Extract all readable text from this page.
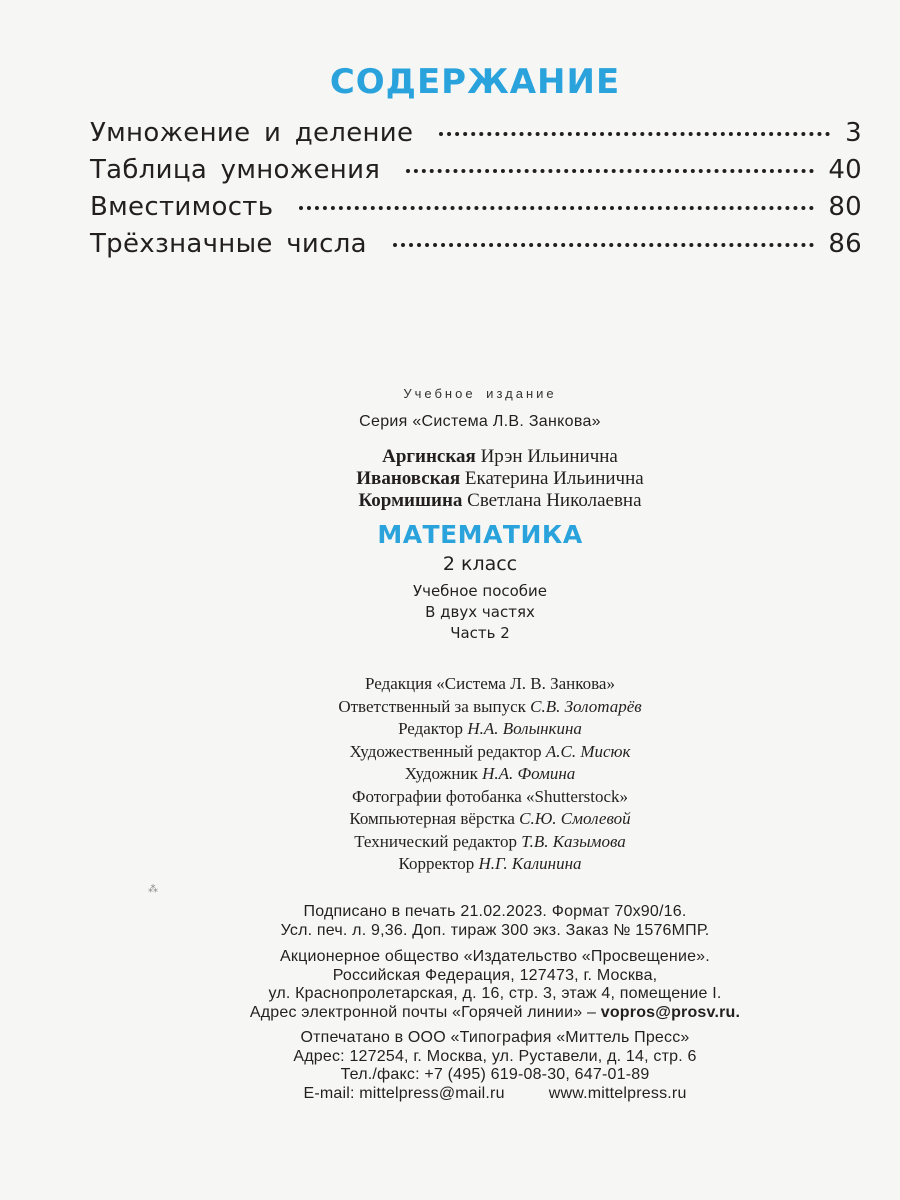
СОДЕРЖАНИЕ
Умножение и деление	3
Таблица умножения	40
Вместимость	80
Трёхзначные числа	86
Учебное издание
Серия «Система Л.В. Занкова»
Аргинская Ирэн Ильинична
Ивановская Екатерина Ильинична
Кормишина Светлана Николаевна
МАТЕМАТИКА
2 класс
Учебное пособие
В двух частях
Часть 2
Редакция «Система Л. В. Занкова»
Ответственный за выпуск С.В. Золотарёв
Редактор Н.А. Волынкина
Художественный редактор А.С. Мисюк
Художник Н.А. Фомина
Фотографии фотобанка «Shutterstock»
Компьютерная вёрстка С.Ю. Смолевой
Технический редактор Т.В. Казымова
Корректор Н.Г. Калинина
⁂
Подписано в печать 21.02.2023. Формат 70x90/16.
Усл. печ. л. 9,36. Доп. тираж 300 экз. Заказ № 1576МПР.
Акционерное общество «Издательство «Просвещение».
Российская Федерация, 127473, г. Москва,
ул. Краснопролетарская, д. 16, стр. 3, этаж 4, помещение I.
Адрес электронной почты «Горячей линии» – vopros@prosv.ru.
Отпечатано в ООО «Типография «Миттель Пресс»
Адрес: 127254, г. Москва, ул. Руставели, д. 14, стр. 6
Тел./факс: +7 (495) 619-08-30, 647-01-89
E-mail: mittelpress@mail.ru	www.mittelpress.ru
